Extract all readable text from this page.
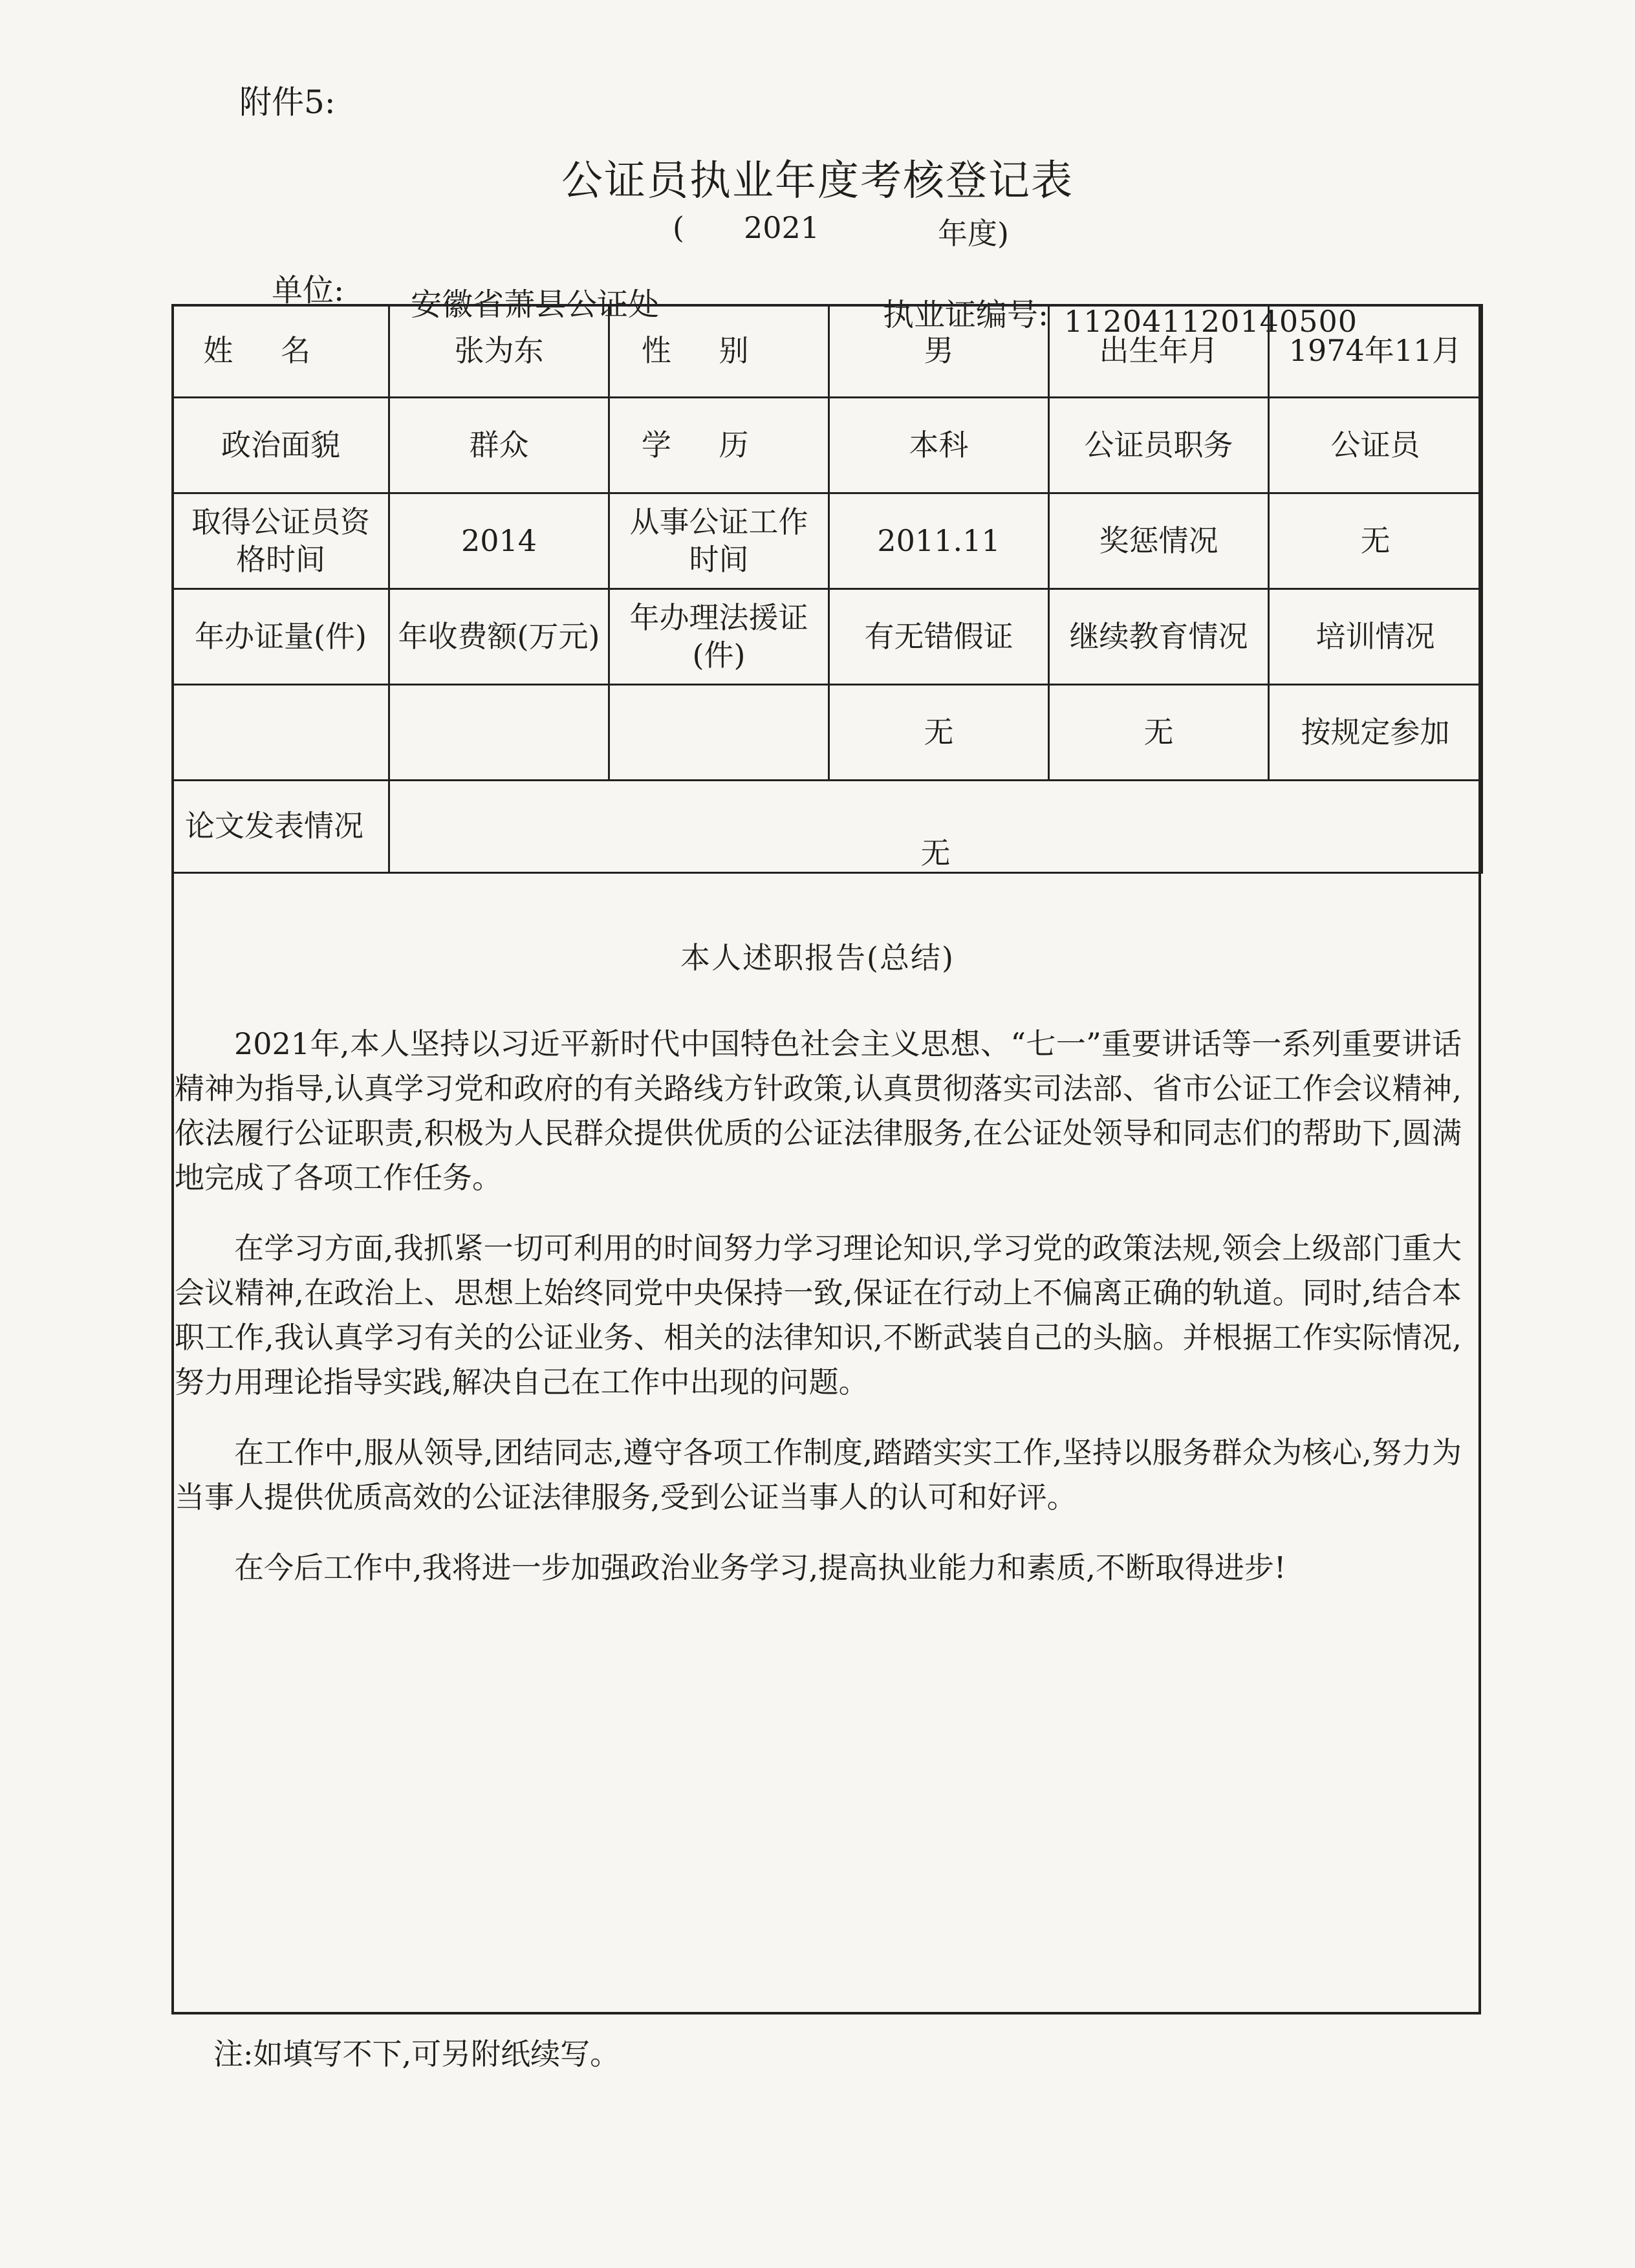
附件5:
公证员执业年度考核登记表
( 2021	年度)
单位: 安徽省萧县公证处	执业证编号: 112041120140500
姓名	张为东	性别	男	出生年月	1974年11月
政治面貌	群众	学历	本科	公证员职务	公证员
取得公证员资格时间	2014	从事公证工作时间	2011.11	奖惩情况	无
年办证量(件)	年收费额(万元)	年办理法援证(件)	有无错假证	继续教育情况	培训情况
			无	无	按规定参加
论文发表情况	无				
本人述职报告(总结)

2021年,本人坚持以习近平新时代中国特色社会主义思想、“七一”重要讲话等一系列重要讲话精神为指导,认真学习党和政府的有关路线方针政策,认真贯彻落实司法部、省市公证工作会议精神,依法履行公证职责,积极为人民群众提供优质的公证法律服务,在公证处领导和同志们的帮助下,圆满地完成了各项工作任务。

在学习方面,我抓紧一切可利用的时间努力学习理论知识,学习党的政策法规,领会上级部门重大会议精神,在政治上、思想上始终同党中央保持一致,保证在行动上不偏离正确的轨道。同时,结合本职工作,我认真学习有关的公证业务、相关的法律知识,不断武装自己的头脑。并根据工作实际情况,努力用理论指导实践,解决自己在工作中出现的问题。

在工作中,服从领导,团结同志,遵守各项工作制度,踏踏实实工作,坚持以服务群众为核心,努力为当事人提供优质高效的公证法律服务,受到公证当事人的认可和好评。

在今后工作中,我将进一步加强政治业务学习,提高执业能力和素质,不断取得进步!

注:如填写不下,可另附纸续写。
